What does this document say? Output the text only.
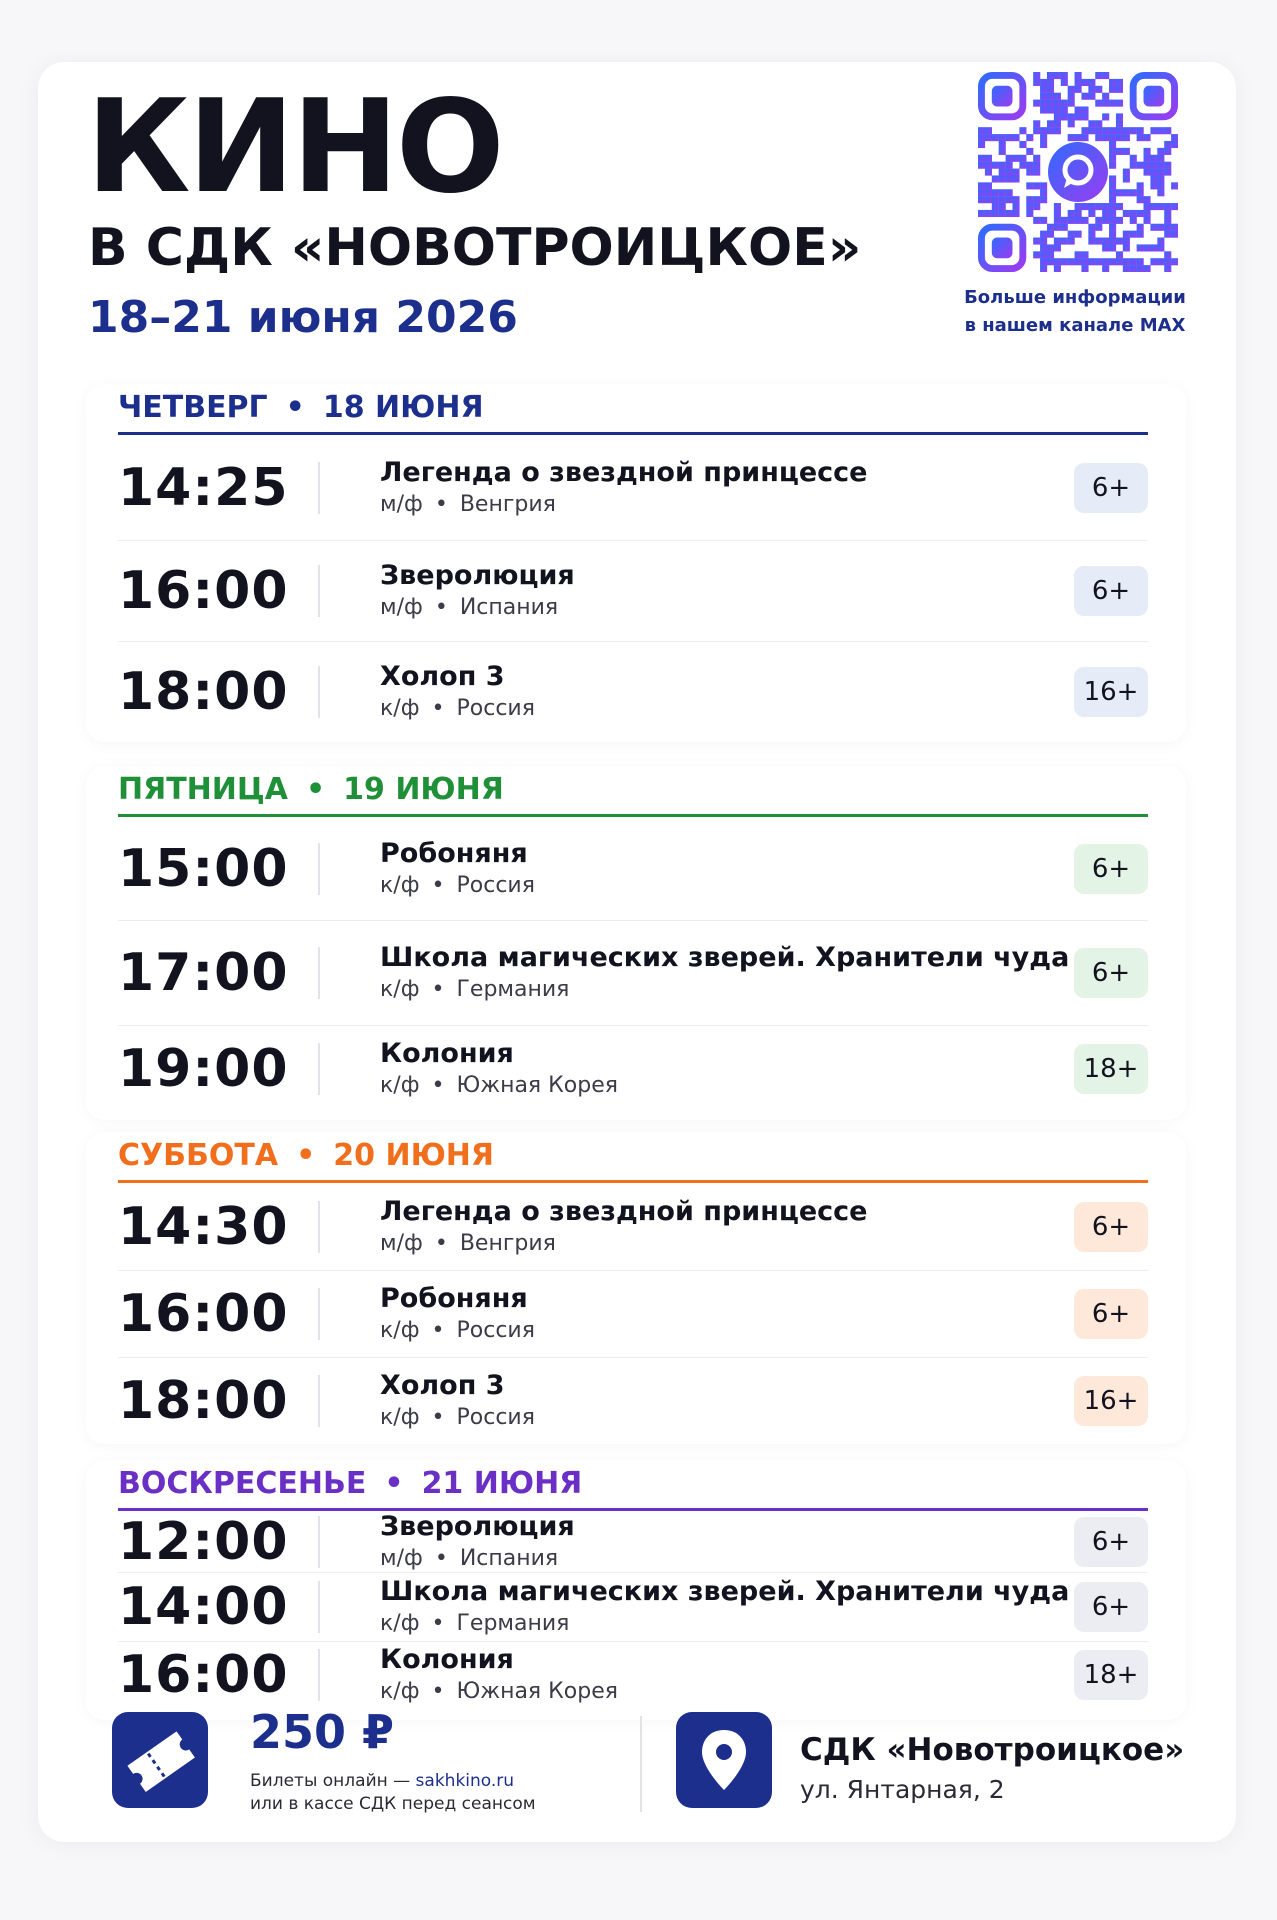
КИНО
В СДК «НОВОТРОИЦКОЕ»
18–21 июня 2026	Больше информации
в нашем канале MAX
ЧЕТВЕРГ • 18 ИЮНЯ
14:25	Легенда о звездной принцессе
м/ф • Венгрия
6+
16:00	Зверолюция
м/ф • Испания
6+
18:00	Холоп 3
к/ф • Россия
16+
ПЯТНИЦА • 19 ИЮНЯ
15:00	Робоняня
к/ф • Россия
6+
17:00	Школа магических зверей. Хранители чуда
к/ф • Германия
6+
19:00	Колония
к/ф • Южная Корея
18+
СУББОТА • 20 ИЮНЯ
14:30	Легенда о звездной принцессе
м/ф • Венгрия
6+
16:00	Робоняня
к/ф • Россия
6+
18:00	Холоп 3
к/ф • Россия
16+
ВОСКРЕСЕНЬЕ • 21 ИЮНЯ
12:00	Зверолюция
м/ф • Испания
6+
14:00	Школа магических зверей. Хранители чуда
к/ф • Германия
6+
16:00	Колония
к/ф • Южная Корея
18+
250 ₽
Билеты онлайн — sakhkino.ru
или в кассе СДК перед сеансом
СДК «Новотроицкое»
ул. Янтарная, 2
